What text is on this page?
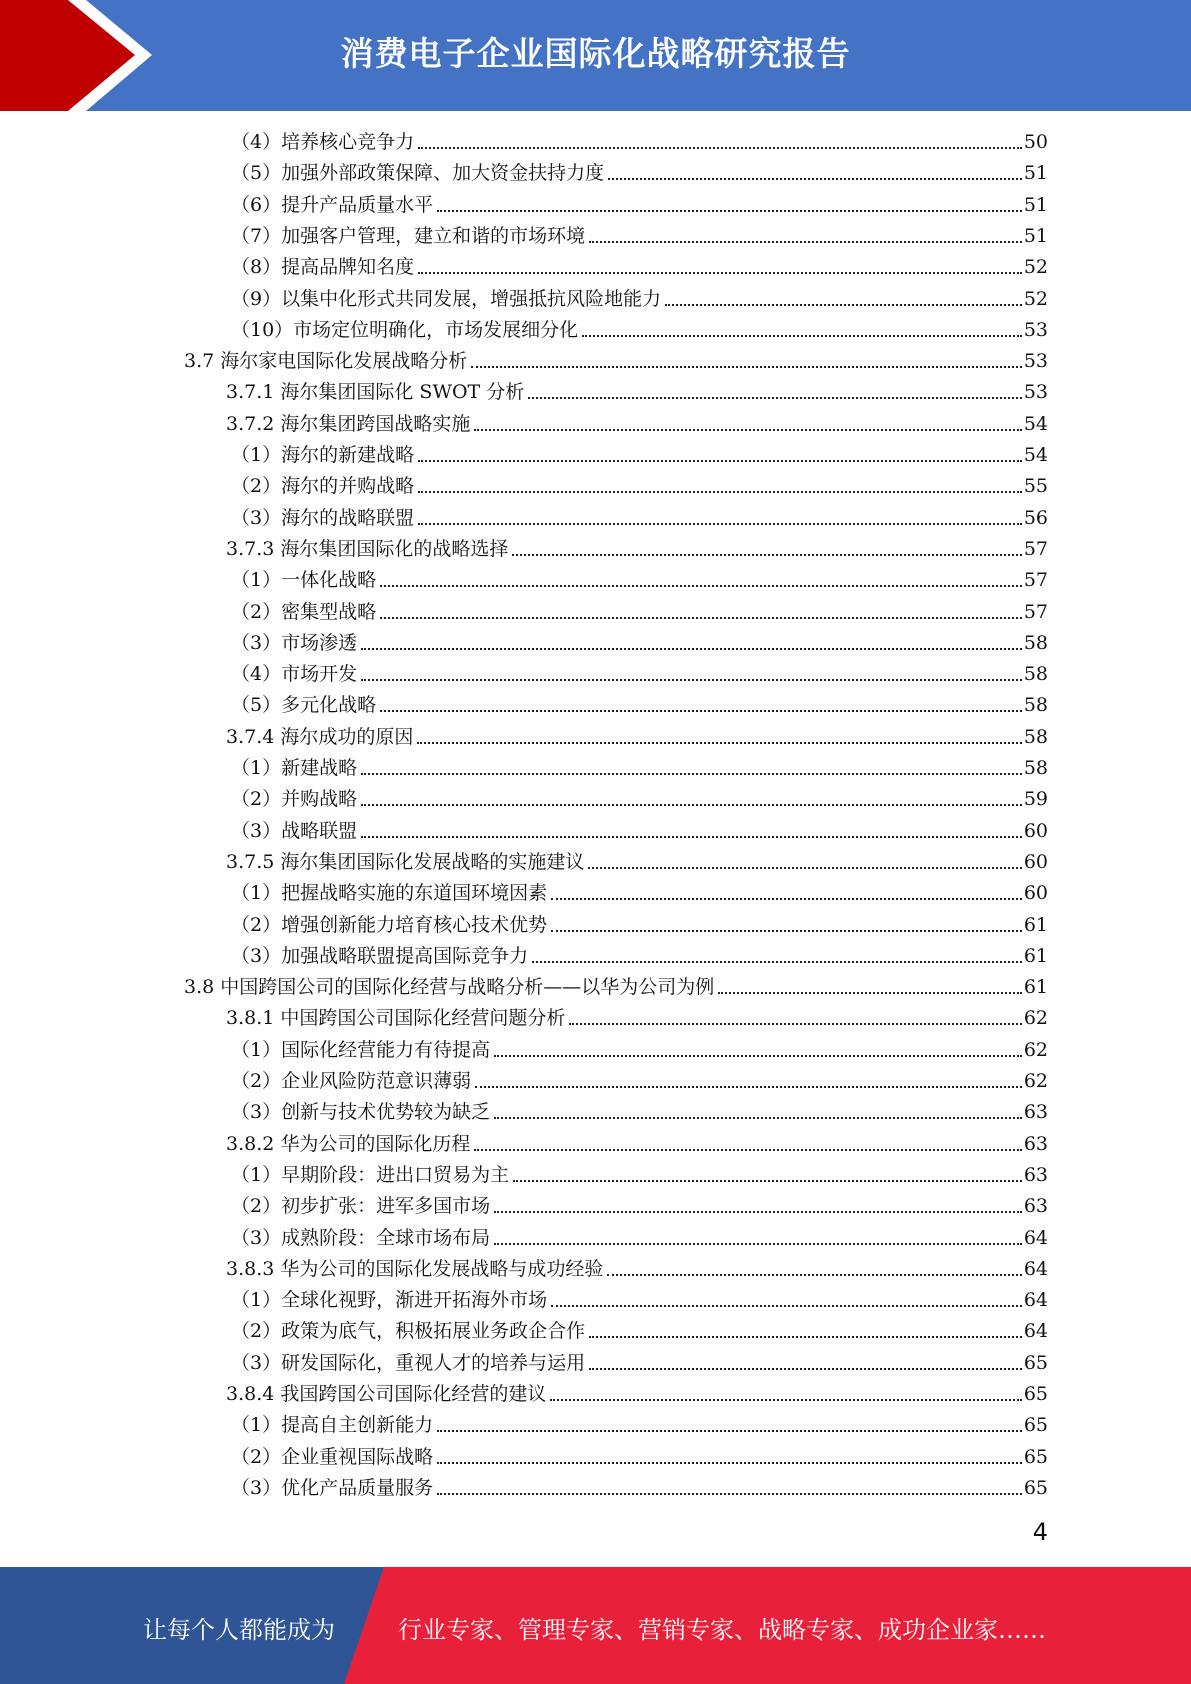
消费电子企业国际化战略研究报告
（4）培养核心竞争力	50
（5）加强外部政策保障、加大资金扶持力度	51
（6）提升产品质量水平	51
（7）加强客户管理，建立和谐的市场环境	51
（8）提高品牌知名度	52
（9）以集中化形式共同发展，增强抵抗风险地能力	52
（10）市场定位明确化，市场发展细分化	53
3.7 海尔家电国际化发展战略分析	53
3.7.1 海尔集团国际化 SWOT 分析	53
3.7.2 海尔集团跨国战略实施	54
（1）海尔的新建战略	54
（2）海尔的并购战略	55
（3）海尔的战略联盟	56
3.7.3 海尔集团国际化的战略选择	57
（1）一体化战略	57
（2）密集型战略	57
（3）市场渗透	58
（4）市场开发	58
（5）多元化战略	58
3.7.4 海尔成功的原因	58
（1）新建战略	58
（2）并购战略	59
（3）战略联盟	60
3.7.5 海尔集团国际化发展战略的实施建议	60
（1）把握战略实施的东道国环境因素	60
（2）增强创新能力培育核心技术优势	61
（3）加强战略联盟提高国际竞争力	61
3.8 中国跨国公司的国际化经营与战略分析——以华为公司为例	61
3.8.1 中国跨国公司国际化经营问题分析	62
（1）国际化经营能力有待提高	62
（2）企业风险防范意识薄弱	62
（3）创新与技术优势较为缺乏	63
3.8.2 华为公司的国际化历程	63
（1）早期阶段：进出口贸易为主	63
（2）初步扩张：进军多国市场	63
（3）成熟阶段：全球市场布局	64
3.8.3 华为公司的国际化发展战略与成功经验	64
（1）全球化视野，渐进开拓海外市场	64
（2）政策为底气，积极拓展业务政企合作	64
（3）研发国际化，重视人才的培养与运用	65
3.8.4 我国跨国公司国际化经营的建议	65
（1）提高自主创新能力	65
（2）企业重视国际战略	65
（3）优化产品质量服务	65
4
让每个人都能成为	行业专家、管理专家、营销专家、战略专家、成功企业家……
